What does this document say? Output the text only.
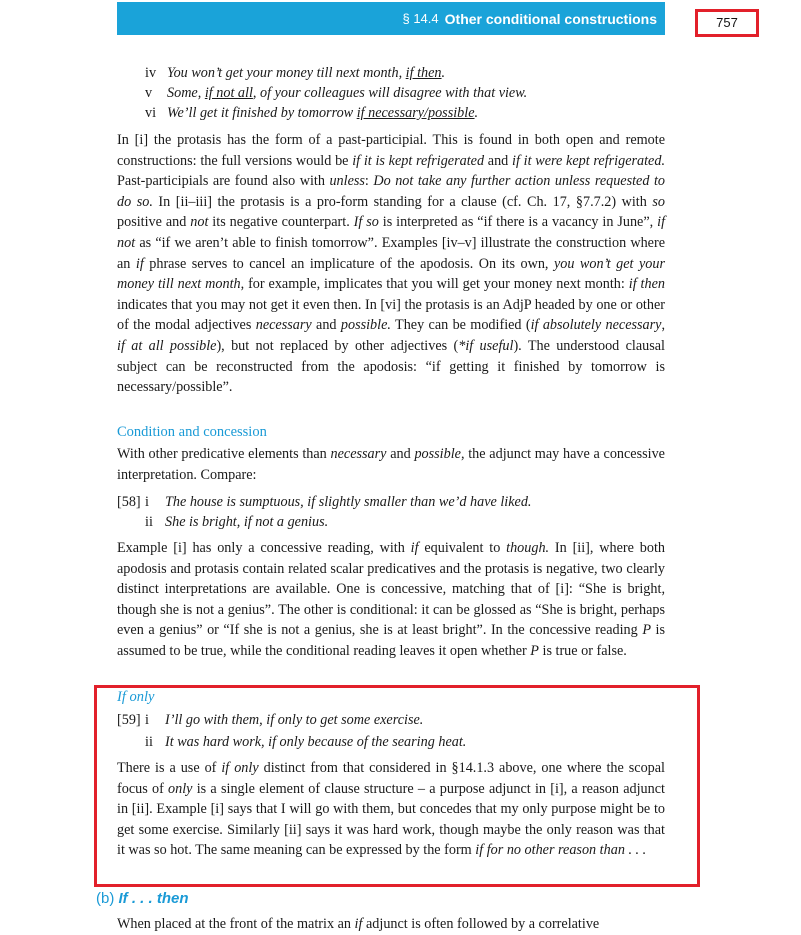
§ 14.4 Other conditional constructions	757
iv You won’t get your money till next month, if then.
v Some, if not all, of your colleagues will disagree with that view.
vi We’ll get it finished by tomorrow if necessary/possible.

In [i] the protasis has the form of a past-participial. This is found in both open and remote constructions: the full versions would be if it is kept refrigerated and if it were kept refrigerated. Past-participials are found also with unless: Do not take any further action unless requested to do so. In [ii–iii] the protasis is a pro-form standing for a clause (cf. Ch. 17, §7.7.2) with so positive and not its negative counterpart. If so is interpreted as “if there is a vacancy in June”, if not as “if we aren’t able to finish tomorrow”. Examples [iv–v] illustrate the construction where an if phrase serves to cancel an implicature of the apodosis. On its own, you won’t get your money till next month, for example, implicates that you will get your money next month: if then indicates that you may not get it even then. In [vi] the protasis is an AdjP headed by one or other of the modal adjectives necessary and possible. They can be modified (if absolutely necessary, if at all possible), but not replaced by other adjectives (*if useful). The understood clausal subject can be reconstructed from the apodosis: “if getting it finished by tomorrow is necessary/possible”.

Condition and concession

With other predicative elements than necessary and possible, the adjunct may have a concessive interpretation. Compare:

[58] i The house is sumptuous, if slightly smaller than we’d have liked.
ii She is bright, if not a genius.

Example [i] has only a concessive reading, with if equivalent to though. In [ii], where both apodosis and protasis contain related scalar predicatives and the protasis is negative, two clearly distinct interpretations are available. One is concessive, matching that of [i]: “She is bright, though she is not a genius”. The other is conditional: it can be glossed as “She is bright, perhaps even a genius” or “If she is not a genius, she is at least bright”. In the concessive reading P is assumed to be true, while the conditional reading leaves it open whether P is true or false.

If only
[59] i I’ll go with them, if only to get some exercise.
ii It was hard work, if only because of the searing heat.

There is a use of if only distinct from that considered in §14.1.3 above, one where the scopal focus of only is a single element of clause structure – a purpose adjunct in [i], a reason adjunct in [ii]. Example [i] says that I will go with them, but concedes that my only purpose might be to get some exercise. Similarly [ii] says it was hard work, though maybe the only reason was that it was so hot. The same meaning can be expressed by the form if for no other reason than . . .

(b) If . . . then

When placed at the front of the matrix an if adjunct is often followed by a correlative
